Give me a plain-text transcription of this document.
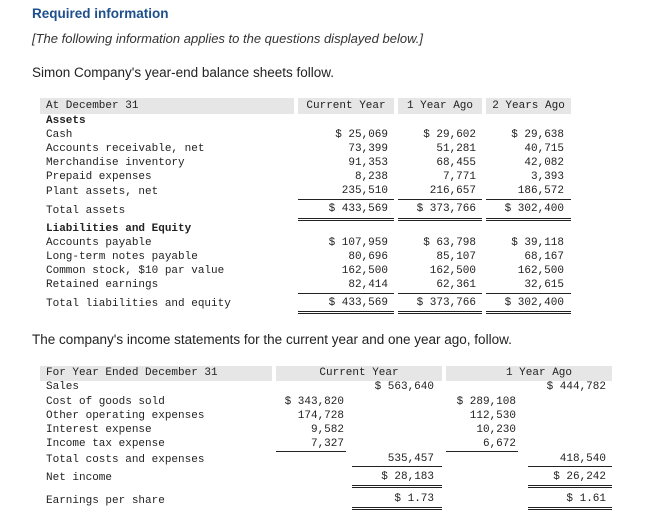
Required information
[The following information applies to the questions displayed below.]
Simon Company's year-end balance sheets follow.
At December 31	Current Year	1 Year Ago	2 Years Ago
Assets
Cash	$ 25,069	$ 29,602	$ 29,638
Accounts receivable, net	73,399	51,281	40,715
Merchandise inventory	91,353	68,455	42,082
Prepaid expenses	8,238	7,771	3,393
Plant assets, net	235,510	216,657	186,572
Total assets	$ 433,569	$ 373,766	$ 302,400
Liabilities and Equity
Accounts payable	$ 107,959	$ 63,798	$ 39,118
Long-term notes payable	80,696	85,107	68,167
Common stock, $10 par value	162,500	162,500	162,500
Retained earnings	82,414	62,361	32,615
Total liabilities and equity	$ 433,569	$ 373,766	$ 302,400
The company's income statements for the current year and one year ago, follow.
For Year Ended December 31	Current Year	1 Year Ago
Sales	$ 563,640	$ 444,782
Cost of goods sold	$ 343,820	$ 289,108
Other operating expenses	174,728	112,530
Interest expense	9,582	10,230
Income tax expense	7,327	6,672
Total costs and expenses	535,457	418,540
Net income	$ 28,183	$ 26,242
Earnings per share	$ 1.73	$ 1.61
